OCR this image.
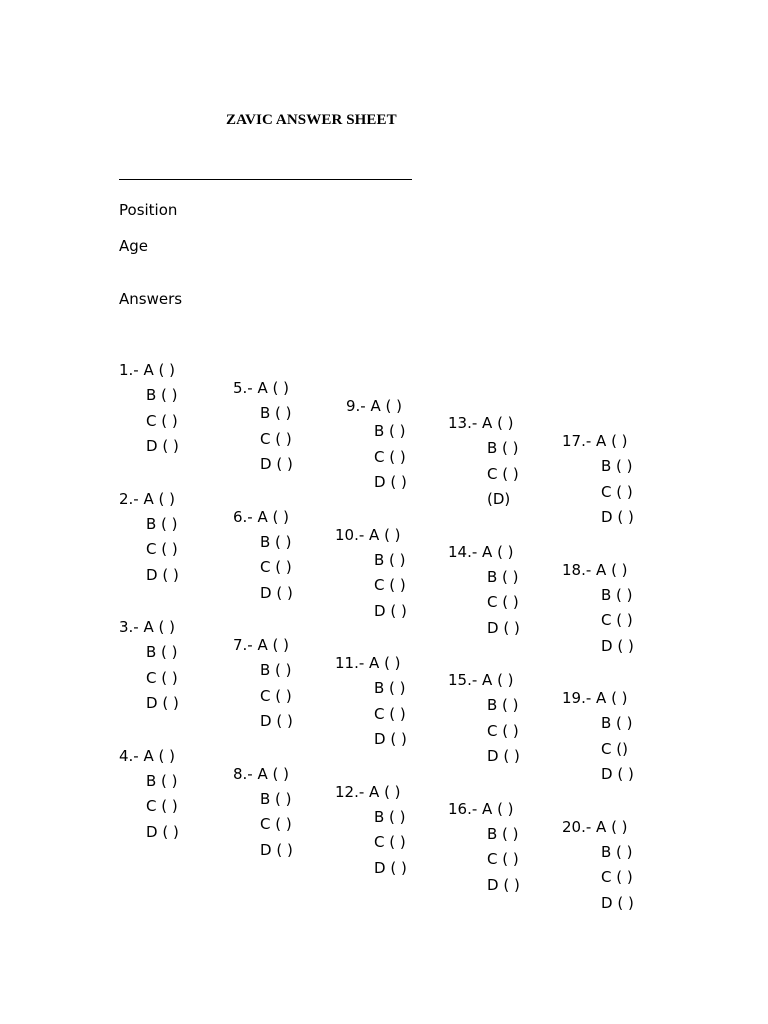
ZAVIC ANSWER SHEET
Position
Age
Answers
1.- A ( )
B ( )
C ( )
D ( )
2.- A ( )
B ( )
C ( )
D ( )
3.- A ( )
B ( )
C ( )
D ( )
4.- A ( )
B ( )
C ( )
D ( )
5.- A ( )
B ( )
C ( )
D ( )
6.- A ( )
B ( )
C ( )
D ( )
7.- A ( )
B ( )
C ( )
D ( )
8.- A ( )
B ( )
C ( )
D ( )
9.- A ( )
B ( )
C ( )
D ( )
10.- A ( )
B ( )
C ( )
D ( )
11.- A ( )
B ( )
C ( )
D ( )
12.- A ( )
B ( )
C ( )
D ( )
13.- A ( )
B ( )
C ( )
(D)
14.- A ( )
B ( )
C ( )
D ( )
15.- A ( )
B ( )
C ( )
D ( )
16.- A ( )
B ( )
C ( )
D ( )
17.- A ( )
B ( )
C ( )
D ( )
18.- A ( )
B ( )
C ( )
D ( )
19.- A ( )
B ( )
C ()
D ( )
20.- A ( )
B ( )
C ( )
D ( )
